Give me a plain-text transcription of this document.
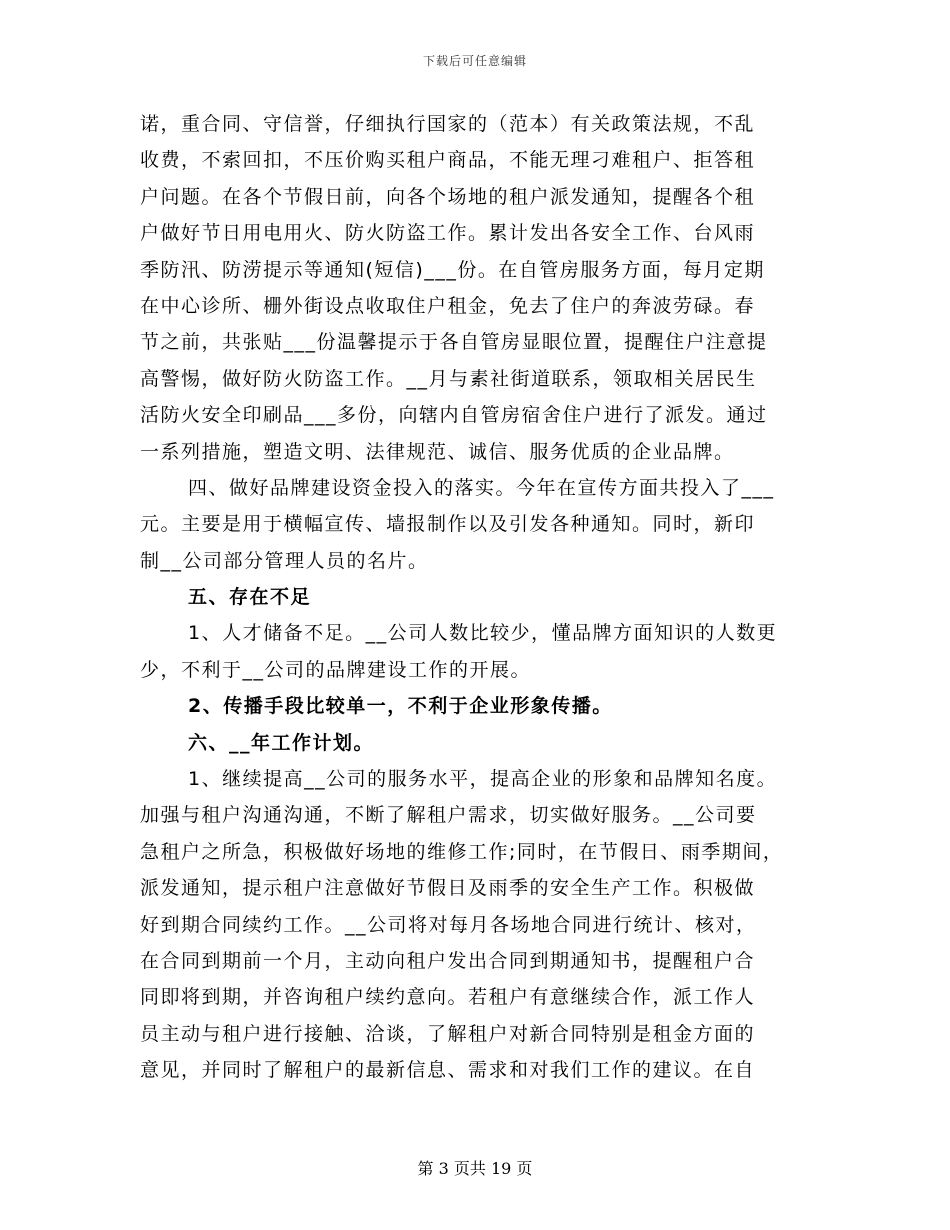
下载后可任意编辑
诺，重合同、守信誉，仔细执行国家的（范本）有关政策法规，不乱
收费，不索回扣，不压价购买租户商品，不能无理刁难租户、拒答租
户问题。在各个节假日前，向各个场地的租户派发通知，提醒各个租
户做好节日用电用火、防火防盗工作。累计发出各安全工作、台风雨
季防汛、防涝提示等通知(短信)___份。在自管房服务方面，每月定期
在中心诊所、栅外街设点收取住户租金，免去了住户的奔波劳碌。春
节之前，共张贴___份温馨提示于各自管房显眼位置，提醒住户注意提
高警惕，做好防火防盗工作。__月与素社街道联系，领取相关居民生
活防火安全印刷品___多份，向辖内自管房宿舍住户进行了派发。通过
一系列措施，塑造文明、法律规范、诚信、服务优质的企业品牌。
四、做好品牌建设资金投入的落实。今年在宣传方面共投入了___
元。主要是用于横幅宣传、墙报制作以及引发各种通知。同时，新印
制__公司部分管理人员的名片。
五、存在不足
1、人才储备不足。__公司人数比较少，懂品牌方面知识的人数更
少，不利于__公司的品牌建设工作的开展。
2、传播手段比较单一，不利于企业形象传播。
六、__年工作计划。
1、继续提高__公司的服务水平，提高企业的形象和品牌知名度。
加强与租户沟通沟通，不断了解租户需求，切实做好服务。__公司要
急租户之所急，积极做好场地的维修工作;同时，在节假日、雨季期间，
派发通知，提示租户注意做好节假日及雨季的安全生产工作。积极做
好到期合同续约工作。__公司将对每月各场地合同进行统计、核对，
在合同到期前一个月，主动向租户发出合同到期通知书，提醒租户合
同即将到期，并咨询租户续约意向。若租户有意继续合作，派工作人
员主动与租户进行接触、洽谈，了解租户对新合同特别是租金方面的
意见，并同时了解租户的最新信息、需求和对我们工作的建议。在自
第 3 页共 19 页
